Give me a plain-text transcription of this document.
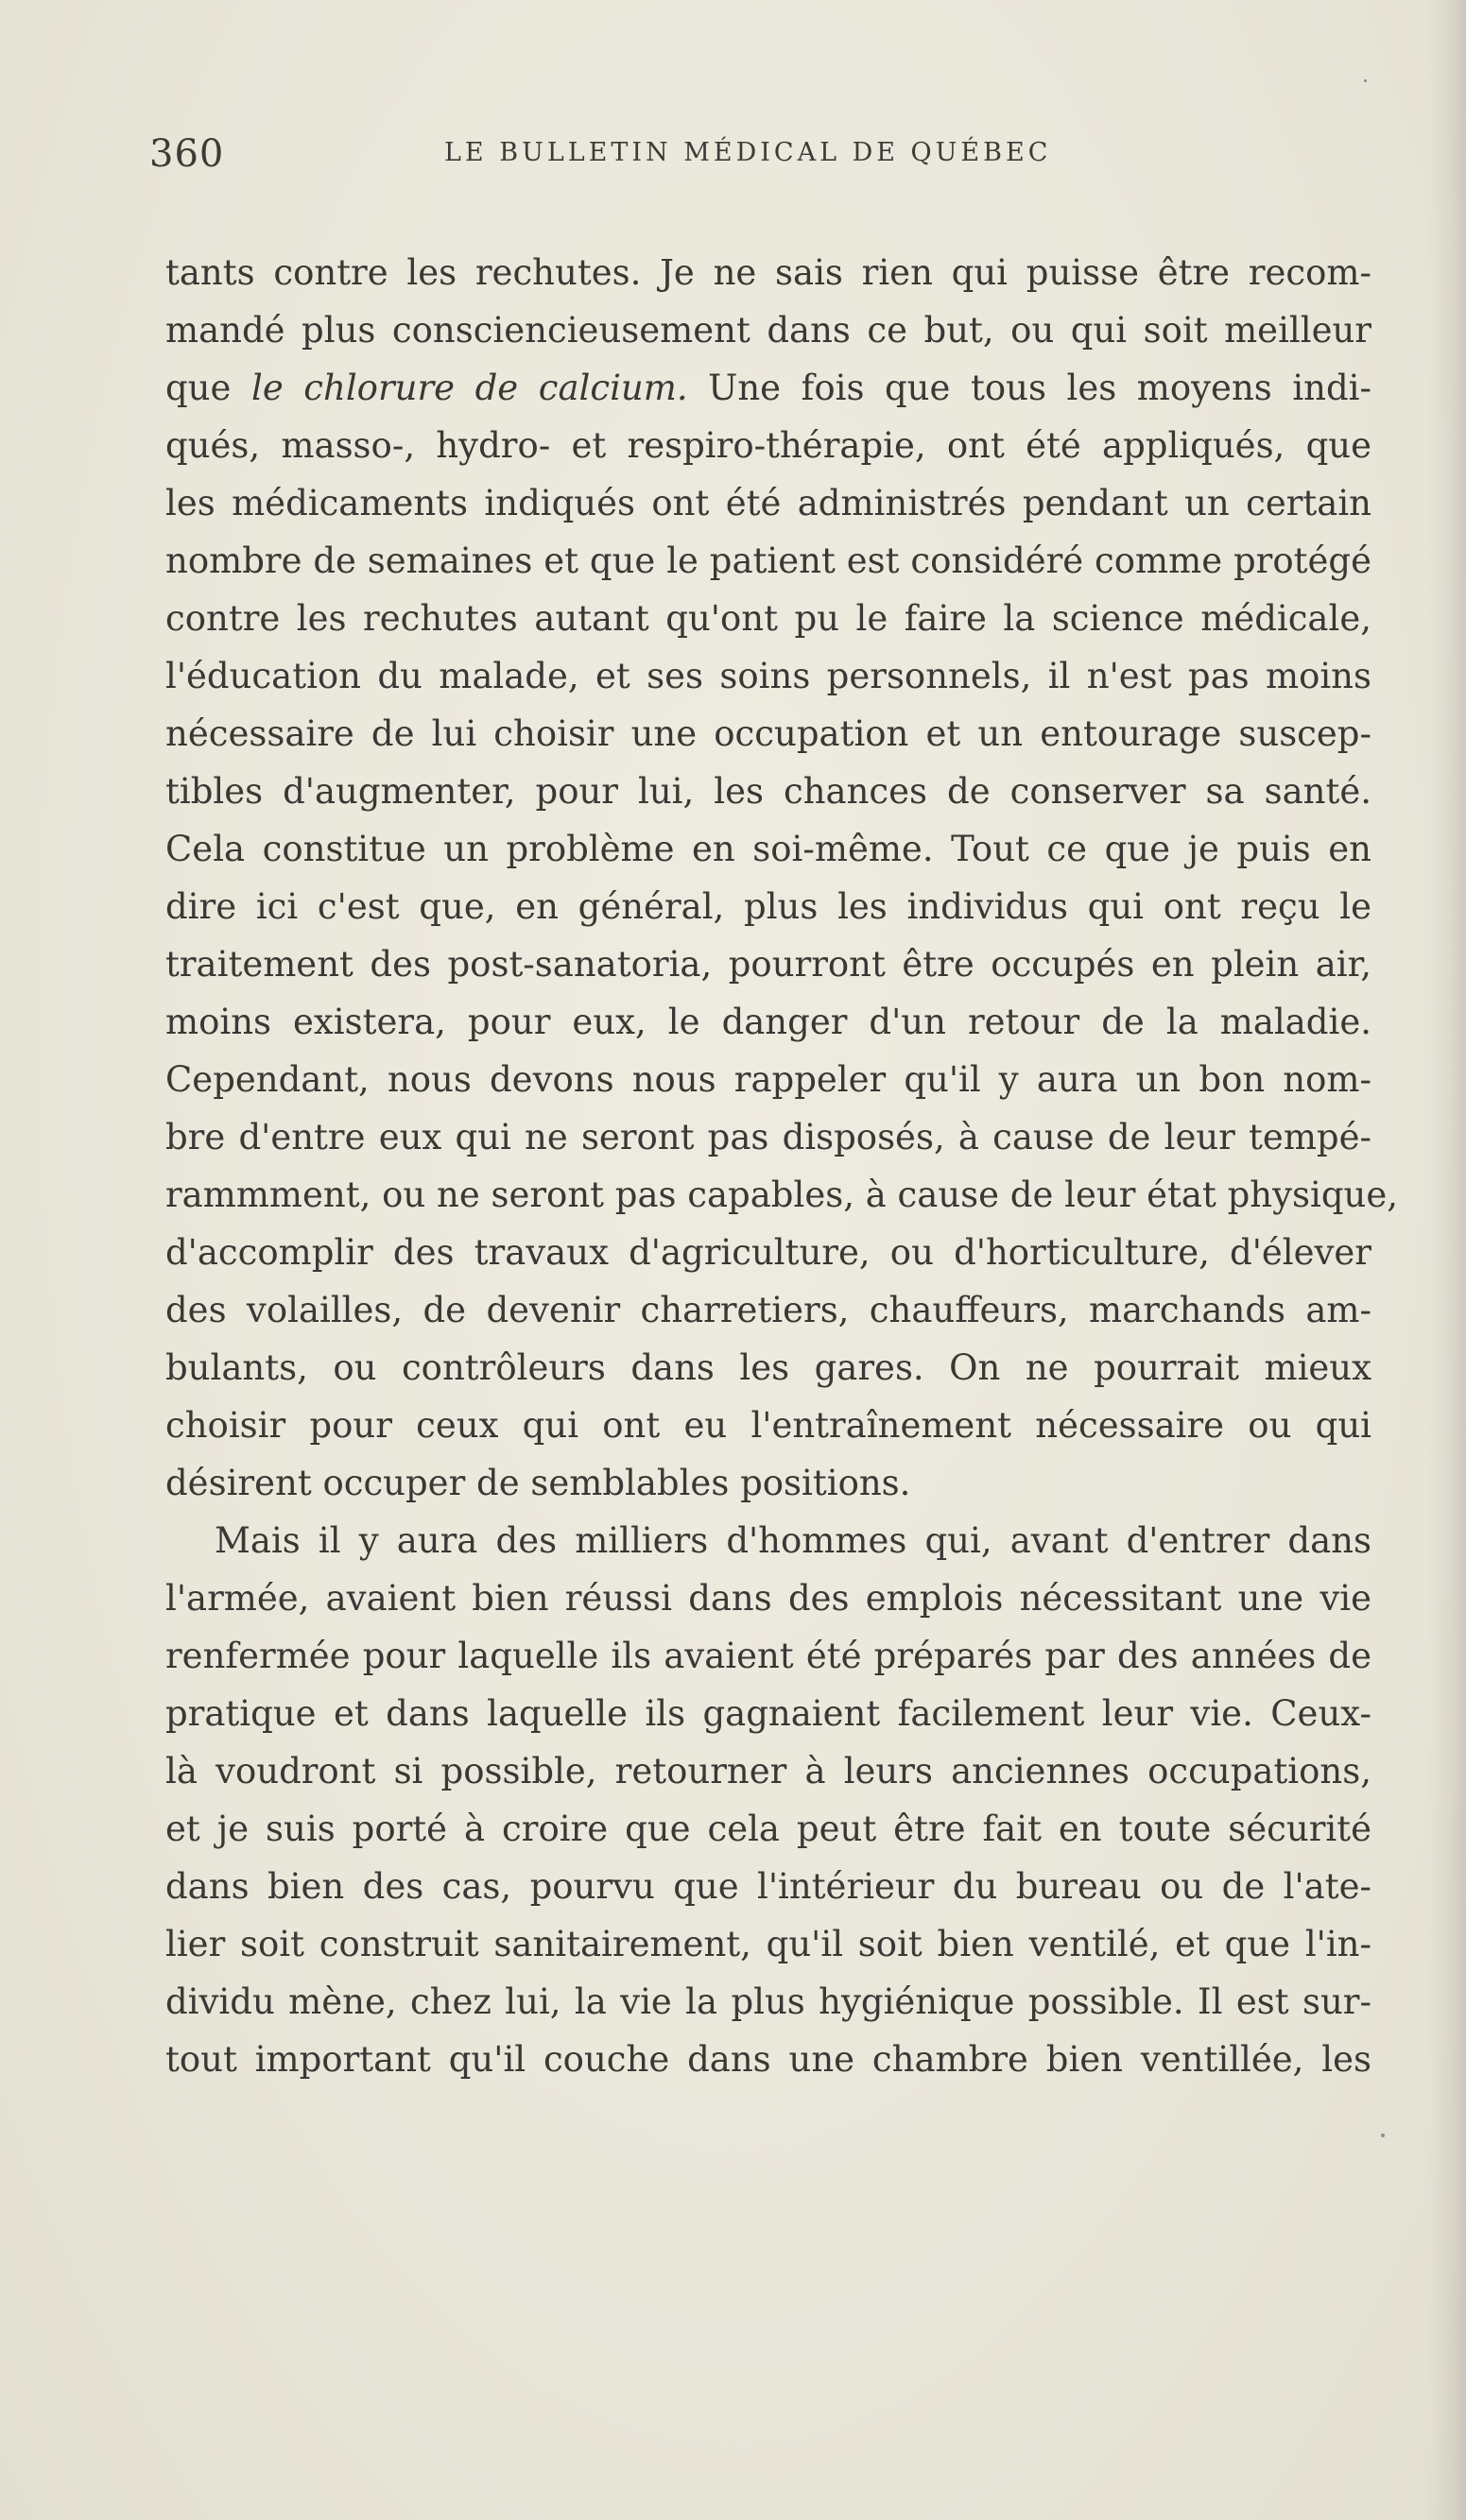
360	LE BULLETIN MÉDICAL DE QUÉBEC
tants contre les rechutes. Je ne sais rien qui puisse être recom-
mandé plus consciencieusement dans ce but, ou qui soit meilleur
que le chlorure de calcium. Une fois que tous les moyens indi-
qués, masso-, hydro- et respiro-thérapie, ont été appliqués, que
les médicaments indiqués ont été administrés pendant un certain
nombre de semaines et que le patient est considéré comme protégé
contre les rechutes autant qu'ont pu le faire la science médicale,
l'éducation du malade, et ses soins personnels, il n'est pas moins
nécessaire de lui choisir une occupation et un entourage suscep-
tibles d'augmenter, pour lui, les chances de conserver sa santé.
Cela constitue un problème en soi-même. Tout ce que je puis en
dire ici c'est que, en général, plus les individus qui ont reçu le
traitement des post-sanatoria, pourront être occupés en plein air,
moins existera, pour eux, le danger d'un retour de la maladie.
Cependant, nous devons nous rappeler qu'il y aura un bon nom-
bre d'entre eux qui ne seront pas disposés, à cause de leur tempé-
rammment, ou ne seront pas capables, à cause de leur état physique,
d'accomplir des travaux d'agriculture, ou d'horticulture, d'élever
des volailles, de devenir charretiers, chauffeurs, marchands am-
bulants, ou contrôleurs dans les gares. On ne pourrait mieux
choisir pour ceux qui ont eu l'entraînement nécessaire ou qui
désirent occuper de semblables positions.
Mais il y aura des milliers d'hommes qui, avant d'entrer dans
l'armée, avaient bien réussi dans des emplois nécessitant une vie
renfermée pour laquelle ils avaient été préparés par des années de
pratique et dans laquelle ils gagnaient facilement leur vie. Ceux-
là voudront si possible, retourner à leurs anciennes occupations,
et je suis porté à croire que cela peut être fait en toute sécurité
dans bien des cas, pourvu que l'intérieur du bureau ou de l'ate-
lier soit construit sanitairement, qu'il soit bien ventilé, et que l'in-
dividu mène, chez lui, la vie la plus hygiénique possible. Il est sur-
tout important qu'il couche dans une chambre bien ventillée, les
